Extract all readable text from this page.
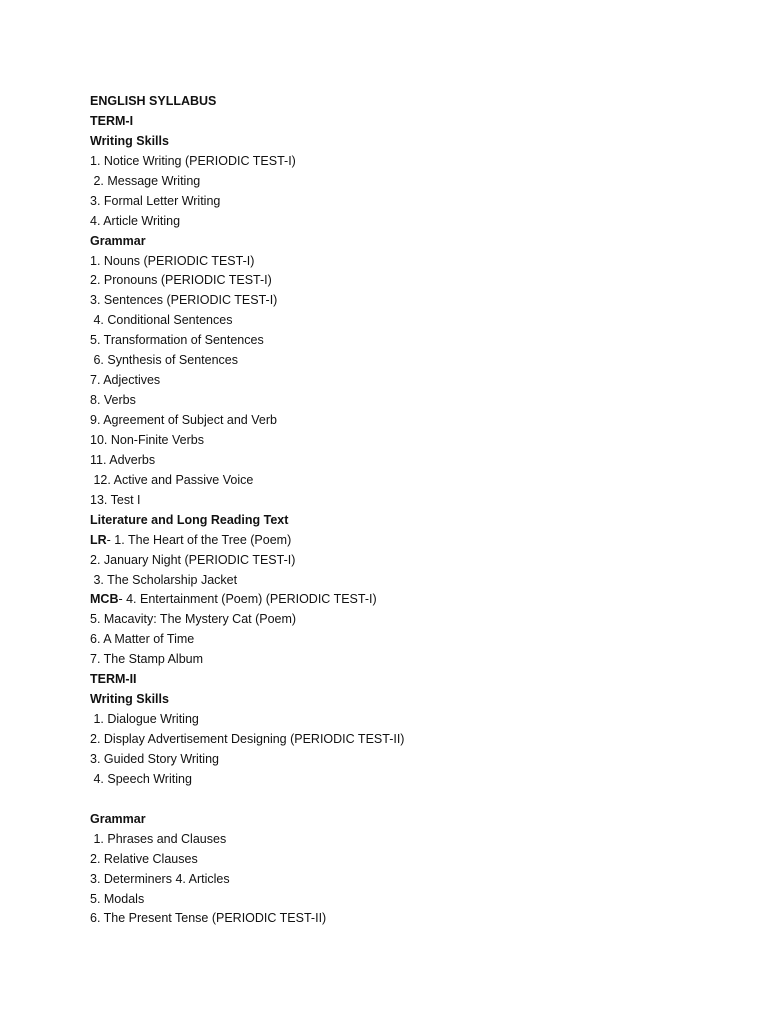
ENGLISH SYLLABUS
TERM-I
Writing Skills
1. Notice Writing (PERIODIC TEST-I)
2. Message Writing
3. Formal Letter Writing
4. Article Writing
Grammar
1. Nouns (PERIODIC TEST-I)
2. Pronouns (PERIODIC TEST-I)
3. Sentences (PERIODIC TEST-I)
4. Conditional Sentences
5. Transformation of Sentences
6. Synthesis of Sentences
7. Adjectives
8. Verbs
9. Agreement of Subject and Verb
10. Non-Finite Verbs
11. Adverbs
12. Active and Passive Voice
13. Test I
Literature and Long Reading Text
LR- 1. The Heart of the Tree (Poem)
2. January Night (PERIODIC TEST-I)
3. The Scholarship Jacket
MCB- 4. Entertainment (Poem) (PERIODIC TEST-I)
5. Macavity: The Mystery Cat (Poem)
6. A Matter of Time
7. The Stamp Album
TERM-II
Writing Skills
1. Dialogue Writing
2. Display Advertisement Designing (PERIODIC TEST-II)
3. Guided Story Writing
4. Speech Writing
Grammar
1. Phrases and Clauses
2. Relative Clauses
3. Determiners 4. Articles
5. Modals
6. The Present Tense (PERIODIC TEST-II)
